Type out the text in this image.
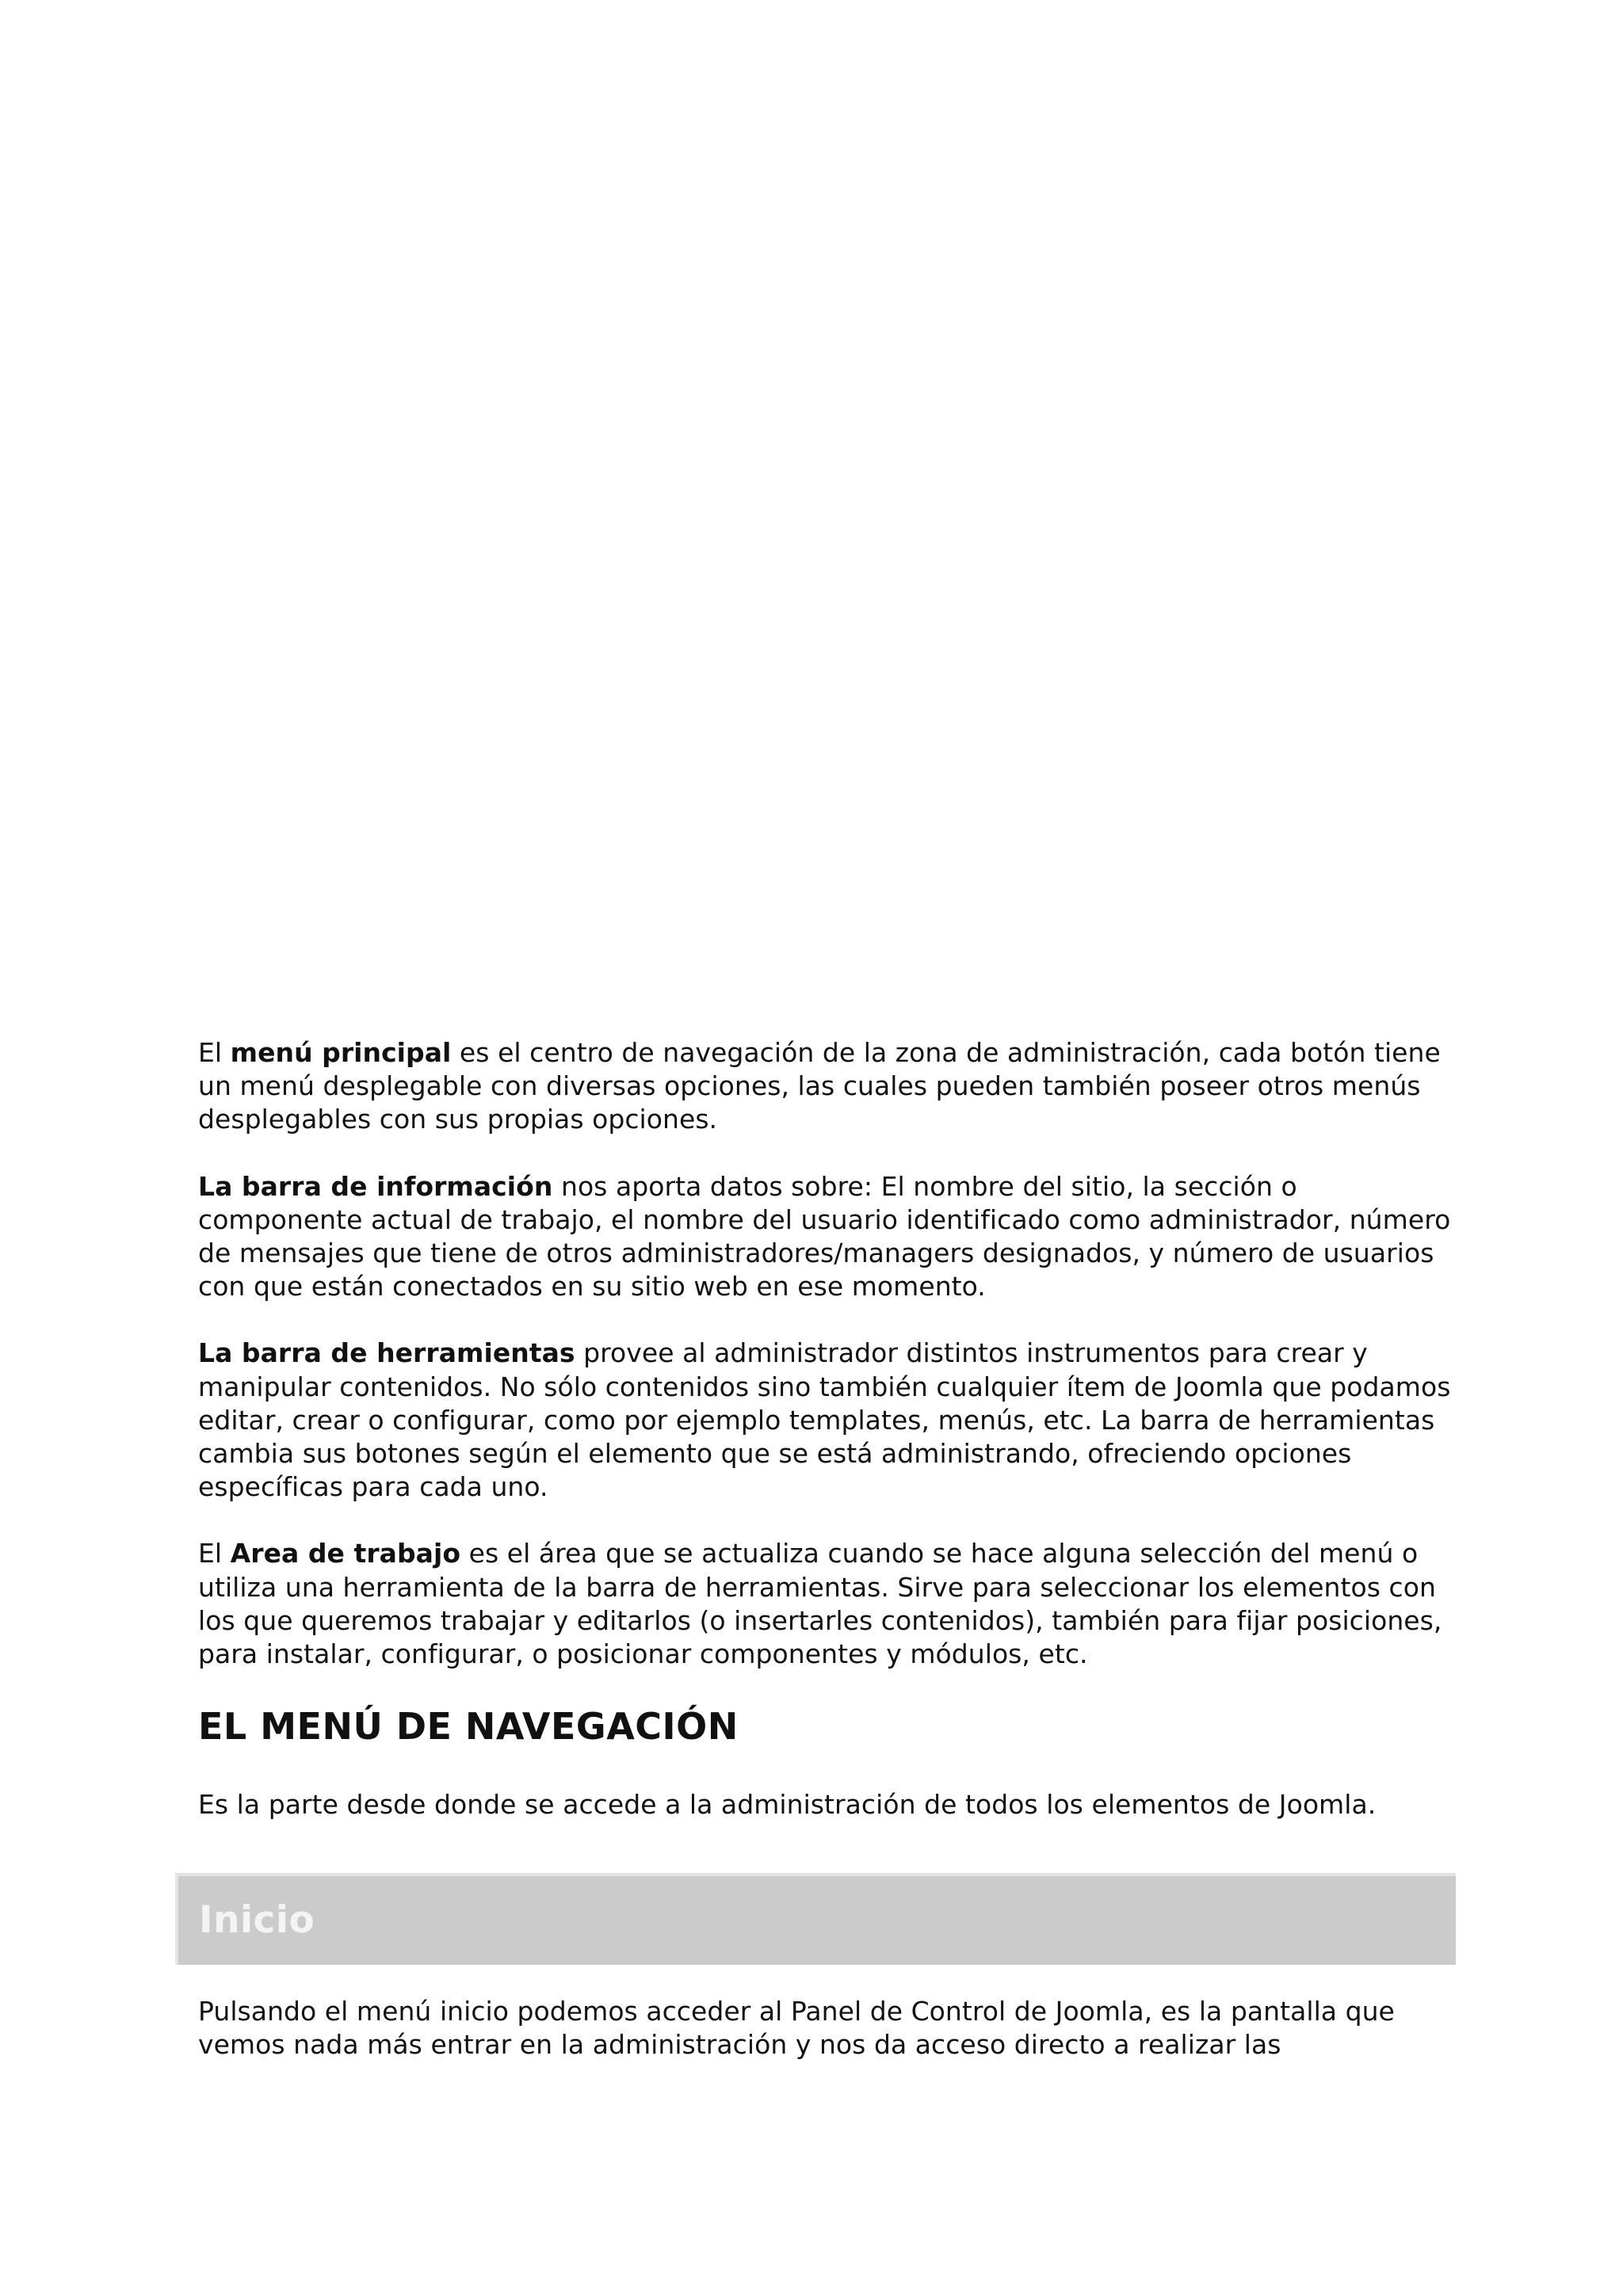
El menú principal es el centro de navegación de la zona de administración, cada botón tiene un menú desplegable con diversas opciones, las cuales pueden también poseer otros menús desplegables con sus propias opciones.

La barra de información nos aporta datos sobre: El nombre del sitio, la sección o componente actual de trabajo, el nombre del usuario identificado como administrador, número de mensajes que tiene de otros administradores/managers designados, y número de usuarios con que están conectados en su sitio web en ese momento.

La barra de herramientas provee al administrador distintos instrumentos para crear y manipular contenidos. No sólo contenidos sino también cualquier ítem de Joomla que podamos editar, crear o configurar, como por ejemplo templates, menús, etc. La barra de herramientas cambia sus botones según el elemento que se está administrando, ofreciendo opciones específicas para cada uno.

El Area de trabajo es el área que se actualiza cuando se hace alguna selección del menú o utiliza una herramienta de la barra de herramientas. Sirve para seleccionar los elementos con los que queremos trabajar y editarlos (o insertarles contenidos), también para fijar posiciones, para instalar, configurar, o posicionar componentes y módulos, etc.

EL MENÚ DE NAVEGACIÓN

Es la parte desde donde se accede a la administración de todos los elementos de Joomla.

Inicio

Pulsando el menú inicio podemos acceder al Panel de Control de Joomla, es la pantalla que vemos nada más entrar en la administración y nos da acceso directo a realizar las
